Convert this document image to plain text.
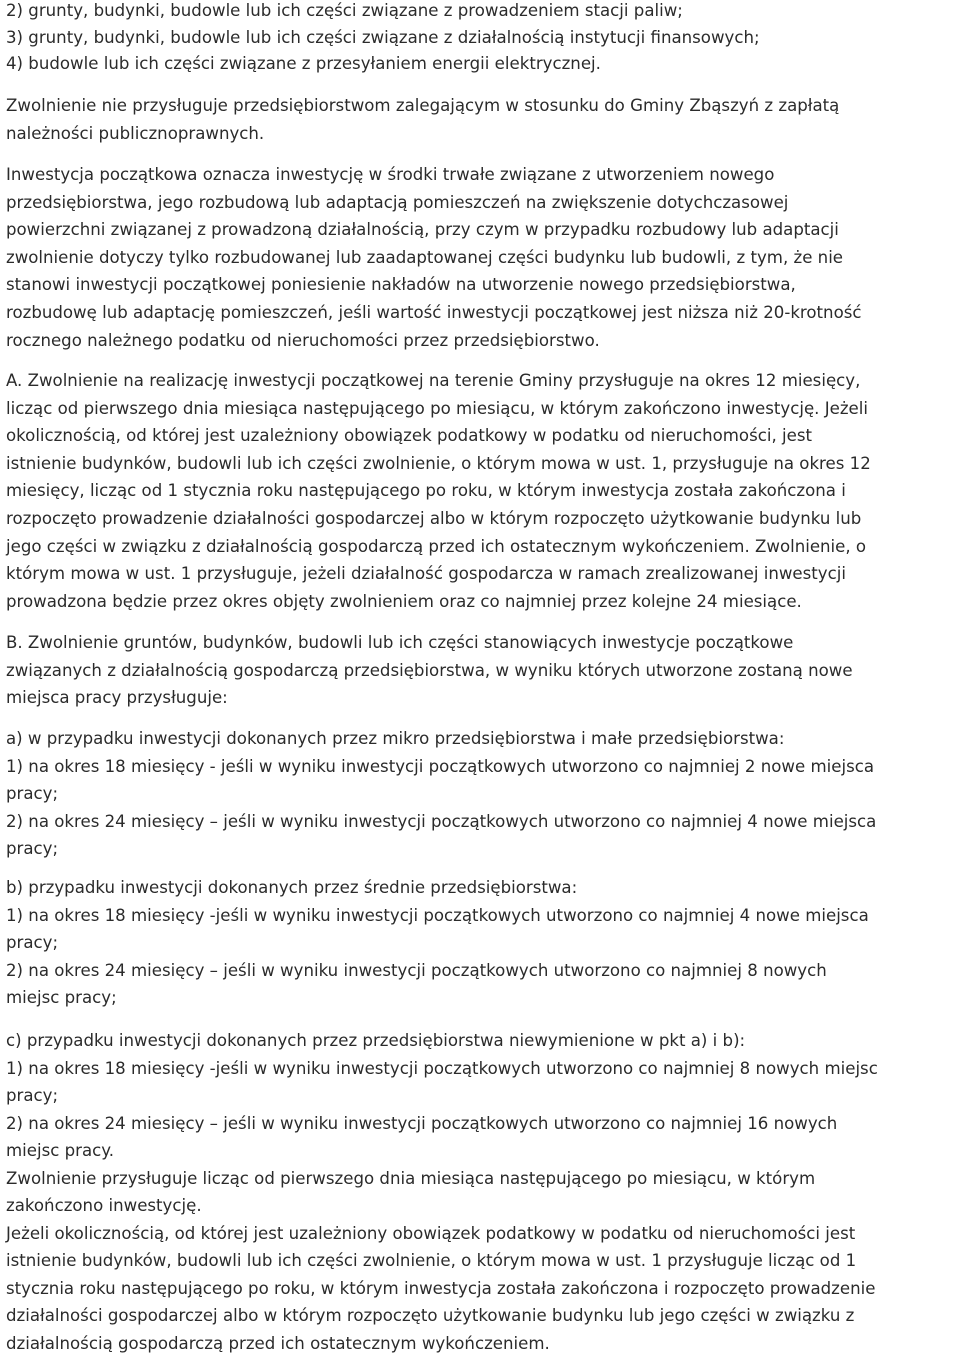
2) grunty, budynki, budowle lub ich części związane z prowadzeniem stacji paliw;
3) grunty, budynki, budowle lub ich części związane z działalnością instytucji finansowych;
4) budowle lub ich części związane z przesyłaniem energii elektrycznej.
Zwolnienie nie przysługuje przedsiębiorstwom zalegającym w stosunku do Gminy Zbąszyń z zapłatą
należności publicznoprawnych.
Inwestycja początkowa oznacza inwestycję w środki trwałe związane z utworzeniem nowego
przedsiębiorstwa, jego rozbudową lub adaptacją pomieszczeń na zwiększenie dotychczasowej
powierzchni związanej z prowadzoną działalnością, przy czym w przypadku rozbudowy lub adaptacji
zwolnienie dotyczy tylko rozbudowanej lub zaadaptowanej części budynku lub budowli, z tym, że nie
stanowi inwestycji początkowej poniesienie nakładów na utworzenie nowego przedsiębiorstwa,
rozbudowę lub adaptację pomieszczeń, jeśli wartość inwestycji początkowej jest niższa niż 20-krotność
rocznego należnego podatku od nieruchomości przez przedsiębiorstwo.
A. Zwolnienie na realizację inwestycji początkowej na terenie Gminy przysługuje na okres 12 miesięcy,
licząc od pierwszego dnia miesiąca następującego po miesiącu, w którym zakończono inwestycję. Jeżeli
okolicznością, od której jest uzależniony obowiązek podatkowy w podatku od nieruchomości, jest
istnienie budynków, budowli lub ich części zwolnienie, o którym mowa w ust. 1, przysługuje na okres 12
miesięcy, licząc od 1 stycznia roku następującego po roku, w którym inwestycja została zakończona i
rozpoczęto prowadzenie działalności gospodarczej albo w którym rozpoczęto użytkowanie budynku lub
jego części w związku z działalnością gospodarczą przed ich ostatecznym wykończeniem. Zwolnienie, o
którym mowa w ust. 1 przysługuje, jeżeli działalność gospodarcza w ramach zrealizowanej inwestycji
prowadzona będzie przez okres objęty zwolnieniem oraz co najmniej przez kolejne 24 miesiące.
B. Zwolnienie gruntów, budynków, budowli lub ich części stanowiących inwestycje początkowe
związanych z działalnością gospodarczą przedsiębiorstwa, w wyniku których utworzone zostaną nowe
miejsca pracy przysługuje:
a) w przypadku inwestycji dokonanych przez mikro przedsiębiorstwa i małe przedsiębiorstwa:
1) na okres 18 miesięcy - jeśli w wyniku inwestycji początkowych utworzono co najmniej 2 nowe miejsca
pracy;
2) na okres 24 miesięcy – jeśli w wyniku inwestycji początkowych utworzono co najmniej 4 nowe miejsca
pracy;
b) przypadku inwestycji dokonanych przez średnie przedsiębiorstwa:
1) na okres 18 miesięcy -jeśli w wyniku inwestycji początkowych utworzono co najmniej 4 nowe miejsca
pracy;
2) na okres 24 miesięcy – jeśli w wyniku inwestycji początkowych utworzono co najmniej 8 nowych
miejsc pracy;
c) przypadku inwestycji dokonanych przez przedsiębiorstwa niewymienione w pkt a) i b):
1) na okres 18 miesięcy -jeśli w wyniku inwestycji początkowych utworzono co najmniej 8 nowych miejsc
pracy;
2) na okres 24 miesięcy – jeśli w wyniku inwestycji początkowych utworzono co najmniej 16 nowych
miejsc pracy.
Zwolnienie przysługuje licząc od pierwszego dnia miesiąca następującego po miesiącu, w którym
zakończono inwestycję.
Jeżeli okolicznością, od której jest uzależniony obowiązek podatkowy w podatku od nieruchomości jest
istnienie budynków, budowli lub ich części zwolnienie, o którym mowa w ust. 1 przysługuje licząc od 1
stycznia roku następującego po roku, w którym inwestycja została zakończona i rozpoczęto prowadzenie
działalności gospodarczej albo w którym rozpoczęto użytkowanie budynku lub jego części w związku z
działalnością gospodarczą przed ich ostatecznym wykończeniem.
